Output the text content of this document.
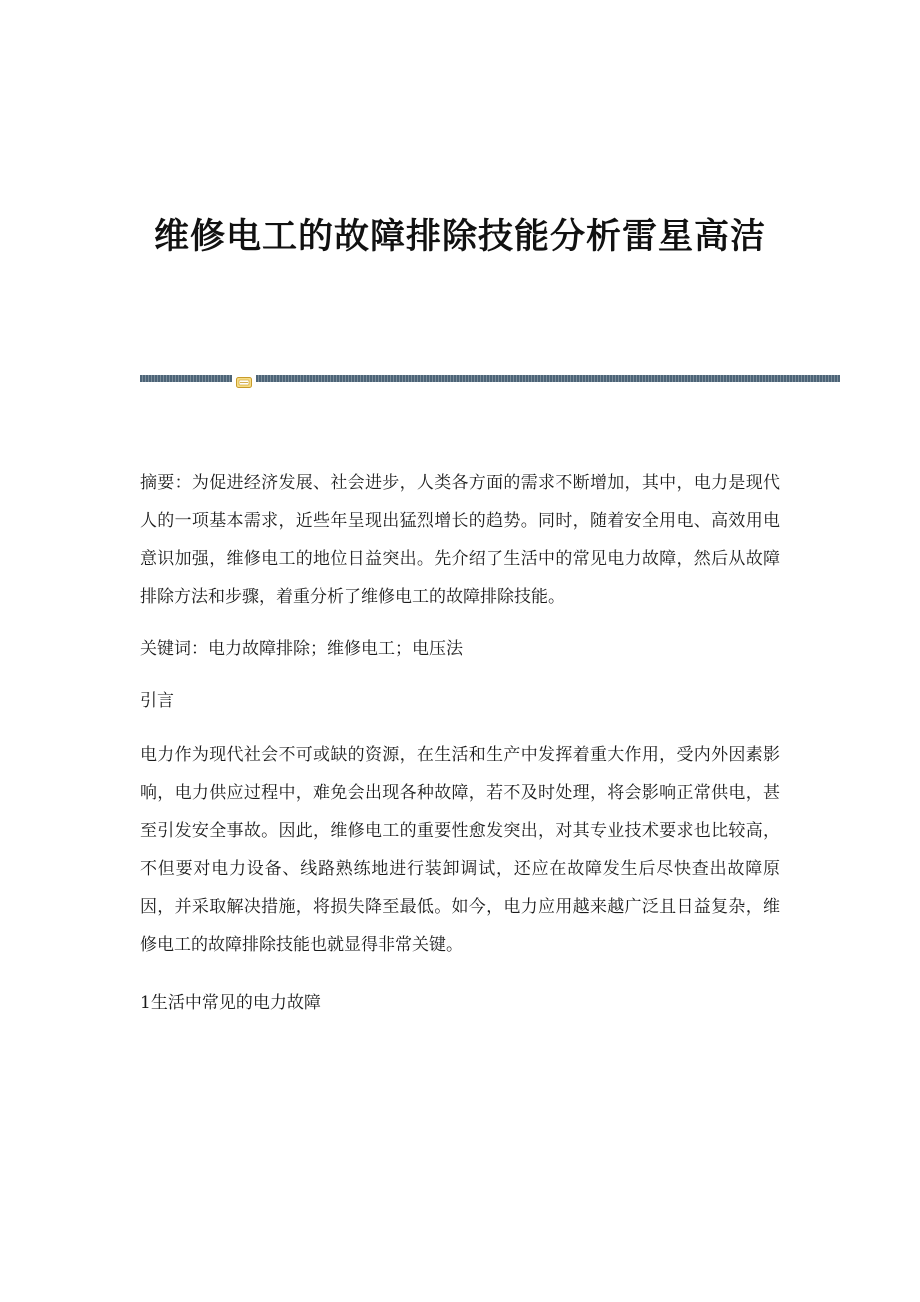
维修电工的故障排除技能分析雷星高洁

摘要：为促进经济发展、社会进步，人类各方面的需求不断增加，其中，电力是现代人的一项基本需求，近些年呈现出猛烈增长的趋势。同时，随着安全用电、高效用电意识加强，维修电工的地位日益突出。先介绍了生活中的常见电力故障，然后从故障排除方法和步骤，着重分析了维修电工的故障排除技能。

关键词：电力故障排除；维修电工；电压法

引言

电力作为现代社会不可或缺的资源，在生活和生产中发挥着重大作用，受内外因素影响，电力供应过程中，难免会出现各种故障，若不及时处理，将会影响正常供电，甚至引发安全事故。因此，维修电工的重要性愈发突出，对其专业技术要求也比较高，不但要对电力设备、线路熟练地进行装卸调试，还应在故障发生后尽快查出故障原因，并采取解决措施，将损失降至最低。如今，电力应用越来越广泛且日益复杂，维修电工的故障排除技能也就显得非常关键。

1生活中常见的电力故障
